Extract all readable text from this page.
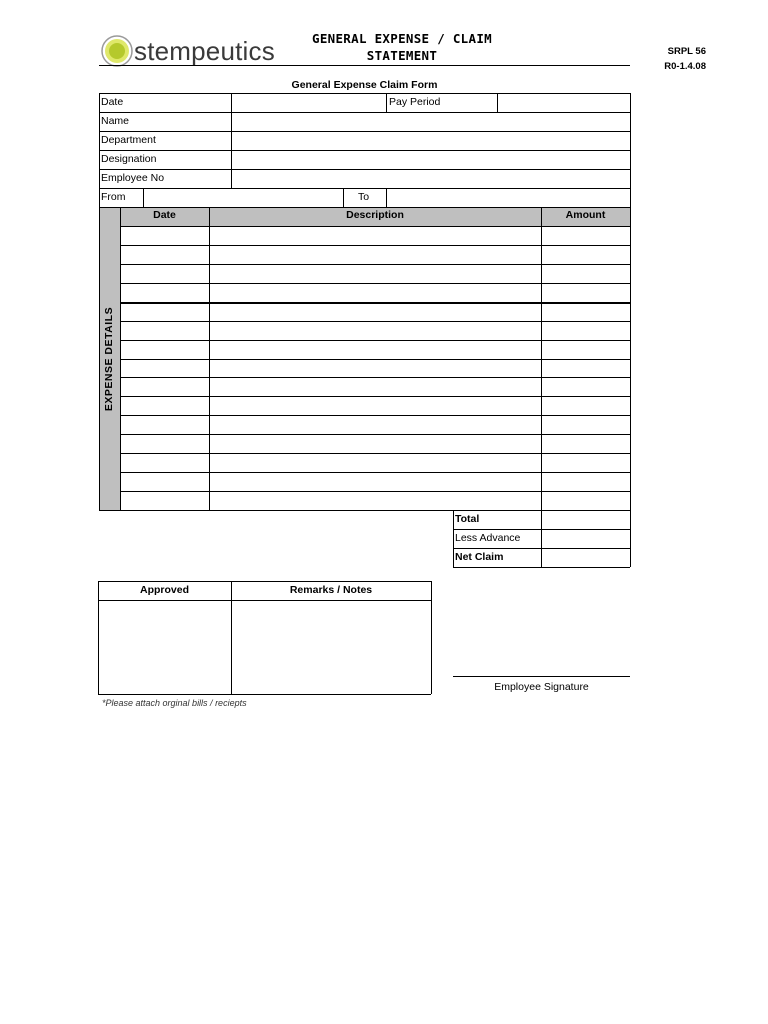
stempeutics	GENERAL EXPENSE / CLAIM
STATEMENT	SRPL 56
R0-1.4.08
General Expense Claim Form
Date	Pay Period
Name
Department
Designation
Employee No
From	To
EXPENSE DETAILS
Date	Description	Amount
Total
Less Advance
Net Claim
Approved	Remarks / Notes
Employee Signature
*Please attach orginal bills / reciepts
